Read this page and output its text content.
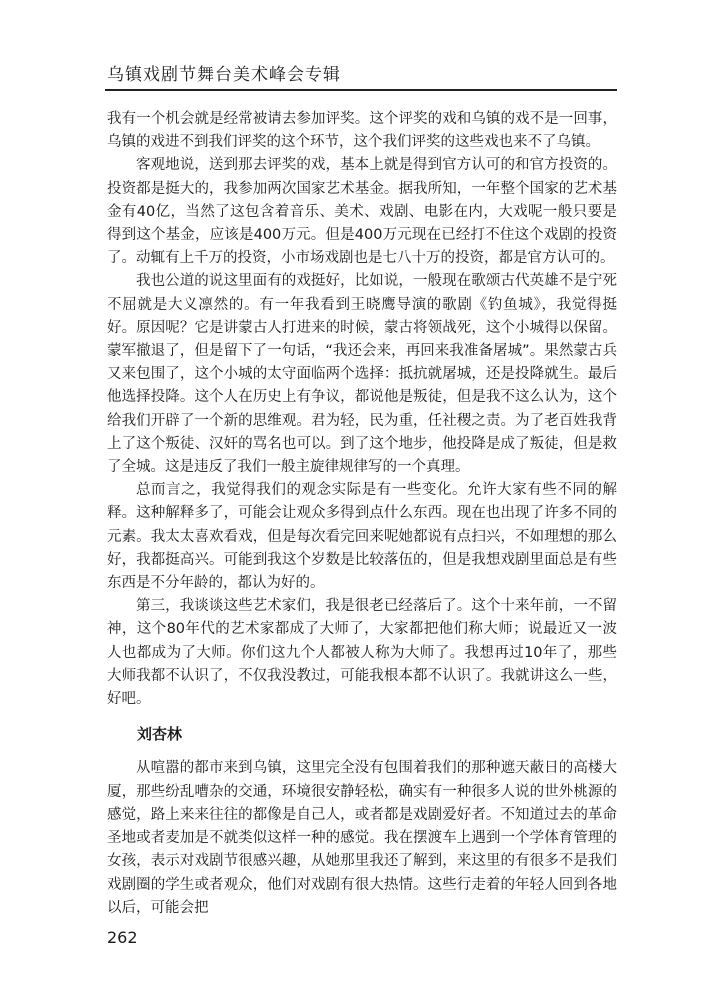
乌镇戏剧节舞台美术峰会专辑

我有一个机会就是经常被请去参加评奖。这个评奖的戏和乌镇的戏不是一回事，乌镇的戏进不到我们评奖的这个环节，这个我们评奖的这些戏也来不了乌镇。

客观地说，送到那去评奖的戏，基本上就是得到官方认可的和官方投资的。投资都是挺大的，我参加两次国家艺术基金。据我所知，一年整个国家的艺术基金有40亿，当然了这包含着音乐、美术、戏剧、电影在内，大戏呢一般只要是得到这个基金，应该是400万元。但是400万元现在已经打不住这个戏剧的投资了。动辄有上千万的投资，小市场戏剧也是七八十万的投资，都是官方认可的。

我也公道的说这里面有的戏挺好，比如说，一般现在歌颂古代英雄不是宁死不屈就是大义凛然的。有一年我看到王晓鹰导演的歌剧《钓鱼城》，我觉得挺好。原因呢？它是讲蒙古人打进来的时候，蒙古将领战死，这个小城得以保留。蒙军撤退了，但是留下了一句话，“我还会来，再回来我准备屠城”。果然蒙古兵又来包围了，这个小城的太守面临两个选择：抵抗就屠城，还是投降就生。最后他选择投降。这个人在历史上有争议，都说他是叛徒，但是我不这么认为，这个给我们开辟了一个新的思维观。君为轻，民为重，任社稷之责。为了老百姓我背上了这个叛徒、汉奸的骂名也可以。到了这个地步，他投降是成了叛徒，但是救了全城。这是违反了我们一般主旋律规律写的一个真理。

总而言之，我觉得我们的观念实际是有一些变化。允许大家有些不同的解释。这种解释多了，可能会让观众多得到点什么东西。现在也出现了许多不同的元素。我太太喜欢看戏，但是每次看完回来呢她都说有点扫兴，不如理想的那么好，我都挺高兴。可能到我这个岁数是比较落伍的，但是我想戏剧里面总是有些东西是不分年龄的，都认为好的。

第三，我谈谈这些艺术家们，我是很老已经落后了。这个十来年前，一不留神，这个80年代的艺术家都成了大师了，大家都把他们称大师；说最近又一波人也都成为了大师。你们这九个人都被人称为大师了。我想再过10年了，那些大师我都不认识了，不仅我没教过，可能我根本都不认识了。我就讲这么一些，好吧。

刘杏林

从喧嚣的都市来到乌镇，这里完全没有包围着我们的那种遮天蔽日的高楼大厦，那些纷乱嘈杂的交通，环境很安静轻松，确实有一种很多人说的世外桃源的感觉，路上来来往往的都像是自己人，或者都是戏剧爱好者。不知道过去的革命圣地或者麦加是不就类似这样一种的感觉。我在摆渡车上遇到一个学体育管理的女孩，表示对戏剧节很感兴趣，从她那里我还了解到，来这里的有很多不是我们戏剧圈的学生或者观众，他们对戏剧有很大热情。这些行走着的年轻人回到各地以后，可能会把

262
